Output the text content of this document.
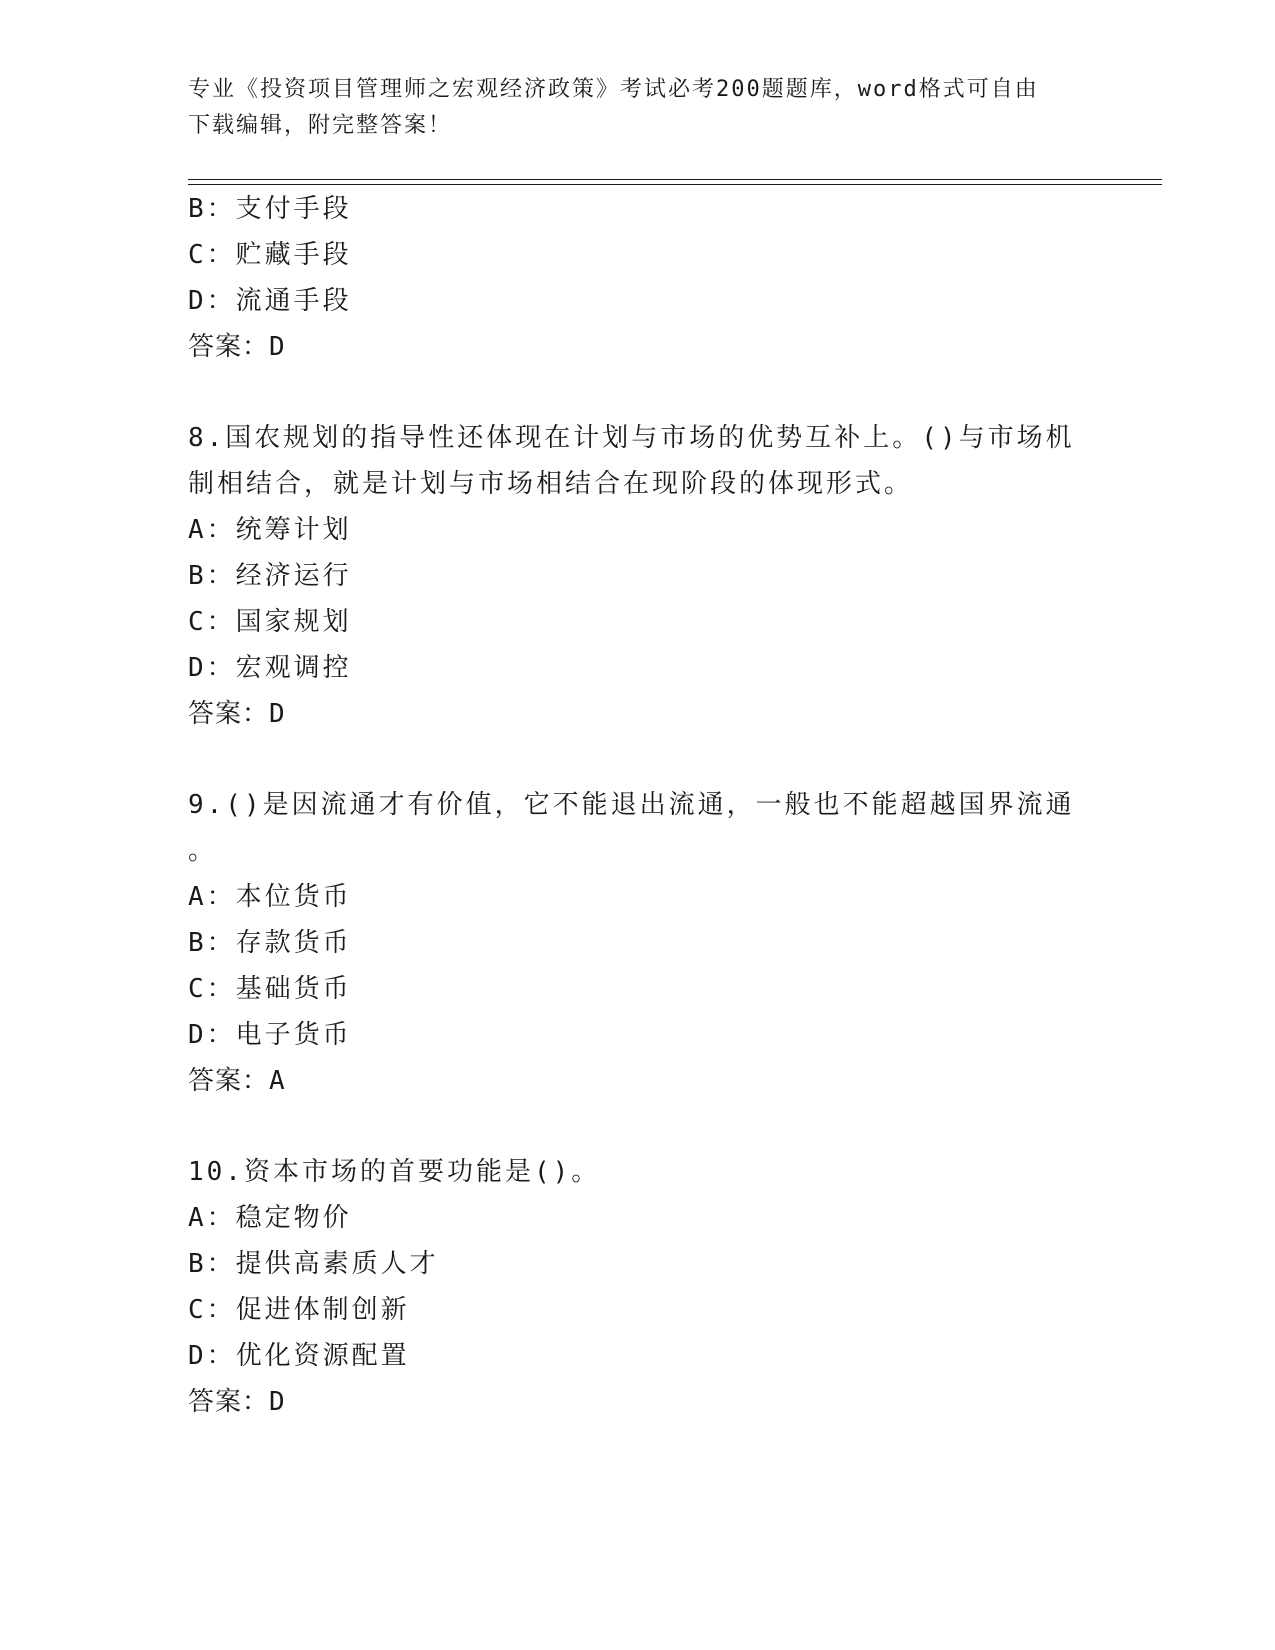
专业《投资项目管理师之宏观经济政策》考试必考200题题库，word格式可自由
下载编辑，附完整答案！
B：支付手段
C：贮藏手段
D：流通手段
答案：D
8.国农规划的指导性还体现在计划与市场的优势互补上。()与市场机
制相结合，就是计划与市场相结合在现阶段的体现形式。
A：统筹计划
B：经济运行
C：国家规划
D：宏观调控
答案：D
9.()是因流通才有价值，它不能退出流通，一般也不能超越国界流通
。
A：本位货币
B：存款货币
C：基础货币
D：电子货币
答案：A
10.资本市场的首要功能是()。
A：稳定物价
B：提供高素质人才
C：促进体制创新
D：优化资源配置
答案：D
